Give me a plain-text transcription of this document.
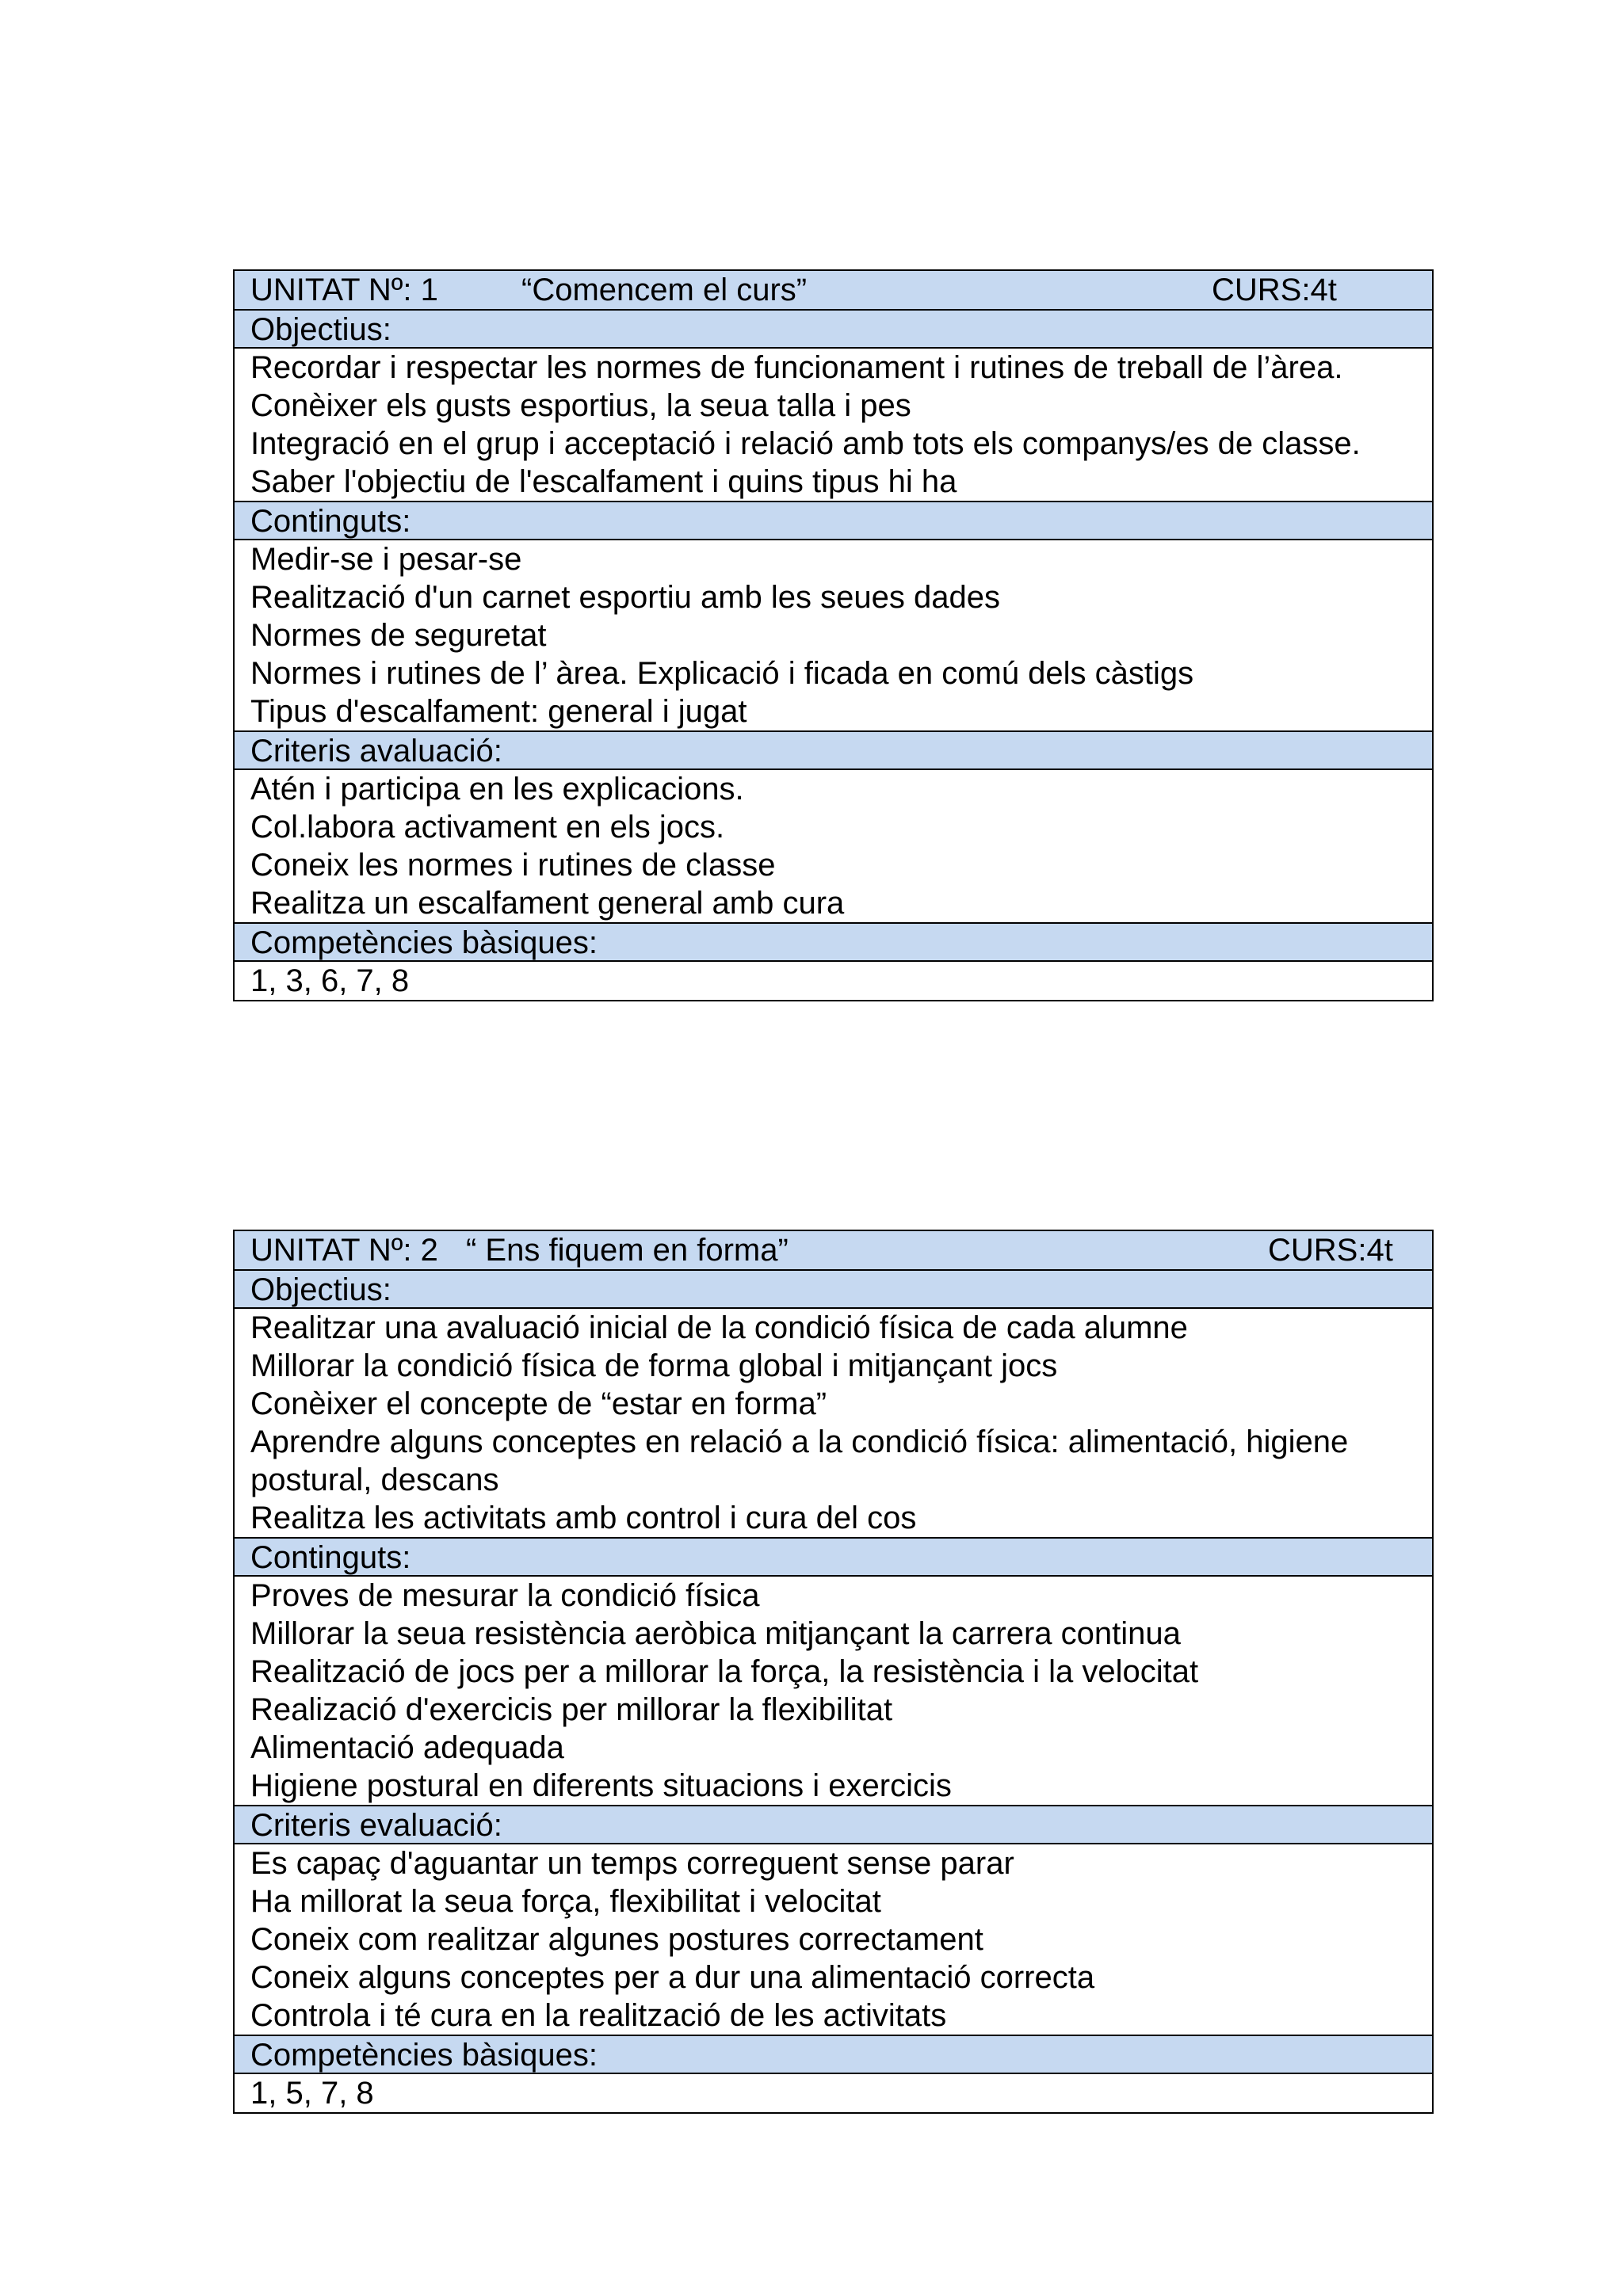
UNITAT Nº: 1	“Comencem el curs”	CURS:4t
Objectius:
Recordar i respectar les normes de funcionament i rutines de treball de l’àrea.
Conèixer els gusts esportius, la seua talla i pes
Integració en el grup i acceptació i relació amb tots els companys/es de classe.
Saber l'objectiu de l'escalfament i quins tipus hi ha
Continguts:
Medir-se i pesar-se
Realització d'un carnet esportiu amb les seues dades
Normes de seguretat
Normes i rutines de l’ àrea. Explicació i ficada en comú dels càstigs
Tipus d'escalfament: general i jugat
Criteris avaluació:
Atén i participa en les explicacions.
Col.labora activament en els jocs.
Coneix les normes i rutines de classe
Realitza un escalfament general amb cura
Competències bàsiques:
1, 3, 6, 7, 8
UNITAT Nº: 2 “ Ens fiquem en forma”	CURS:4t
Objectius:
Realitzar una avaluació inicial de la condició física de cada alumne
Millorar la condició física de forma global i mitjançant jocs
Conèixer el concepte de “estar en forma”
Aprendre alguns conceptes en relació a la condició física: alimentació, higiene
postural, descans
Realitza les activitats amb control i cura del cos
Continguts:
Proves de mesurar la condició física
Millorar la seua resistència aeròbica mitjançant la carrera continua
Realització de jocs per a millorar la força, la resistència i la velocitat
Realizació d'exercicis per millorar la flexibilitat
Alimentació adequada
Higiene postural en diferents situacions i exercicis
Criteris evaluació:
Es capaç d'aguantar un temps correguent sense parar
Ha millorat la seua força, flexibilitat i velocitat
Coneix com realitzar algunes postures correctament
Coneix alguns conceptes per a dur una alimentació correcta
Controla i té cura en la realització de les activitats
Competències bàsiques:
1, 5, 7, 8
